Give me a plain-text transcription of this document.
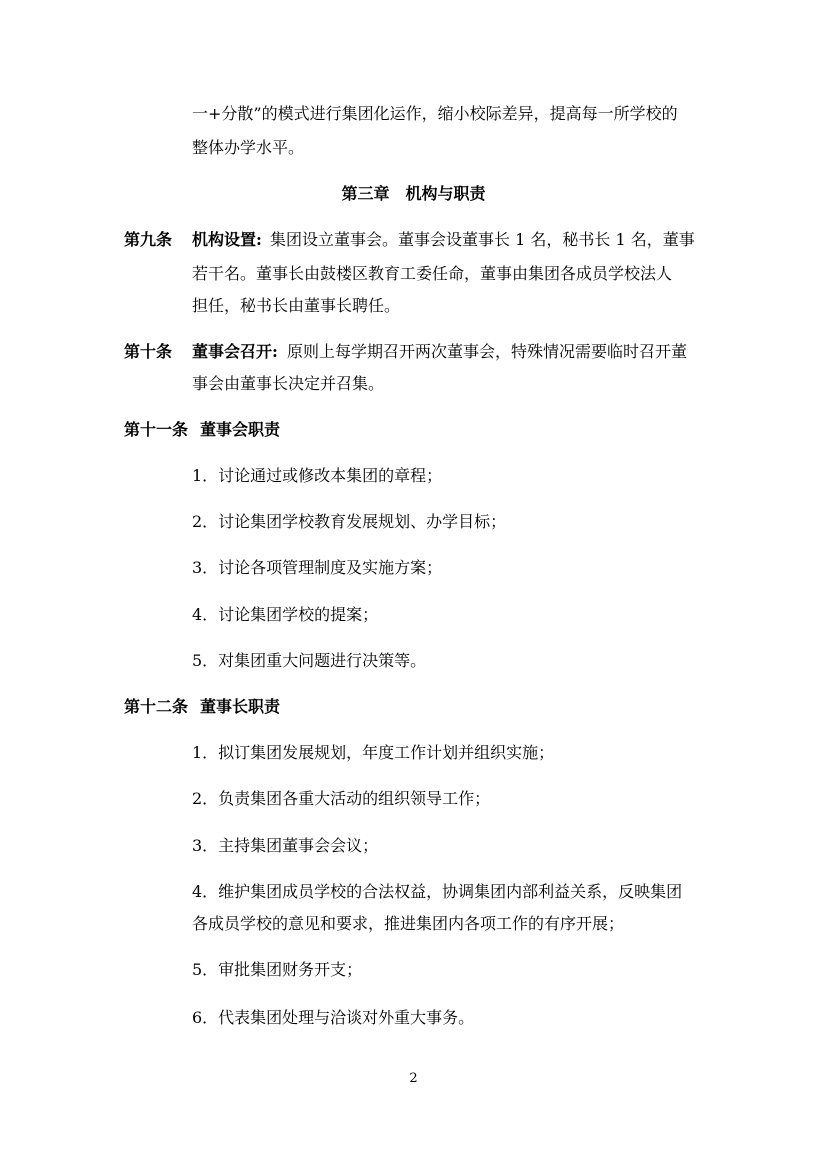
一+分散”的模式进行集团化运作，缩小校际差异，提高每一所学校的
整体办学水平。
第三章　机构与职责
第九条 机构设置: 集团设立董事会。董事会设董事长 1 名，秘书长 1 名，董事
若干名。董事长由鼓楼区教育工委任命，董事由集团各成员学校法人
担任，秘书长由董事长聘任。
第十条 董事会召开: 原则上每学期召开两次董事会，特殊情况需要临时召开董
事会由董事长决定并召集。
第十一条 董事会职责
1．讨论通过或修改本集团的章程；
2．讨论集团学校教育发展规划、办学目标；
3．讨论各项管理制度及实施方案；
4．讨论集团学校的提案；
5．对集团重大问题进行决策等。
第十二条 董事长职责
1．拟订集团发展规划，年度工作计划并组织实施；
2．负责集团各重大活动的组织领导工作；
3．主持集团董事会会议；
4．维护集团成员学校的合法权益，协调集团内部利益关系，反映集团
各成员学校的意见和要求，推进集团内各项工作的有序开展；
5．审批集团财务开支；
6．代表集团处理与洽谈对外重大事务。
2
